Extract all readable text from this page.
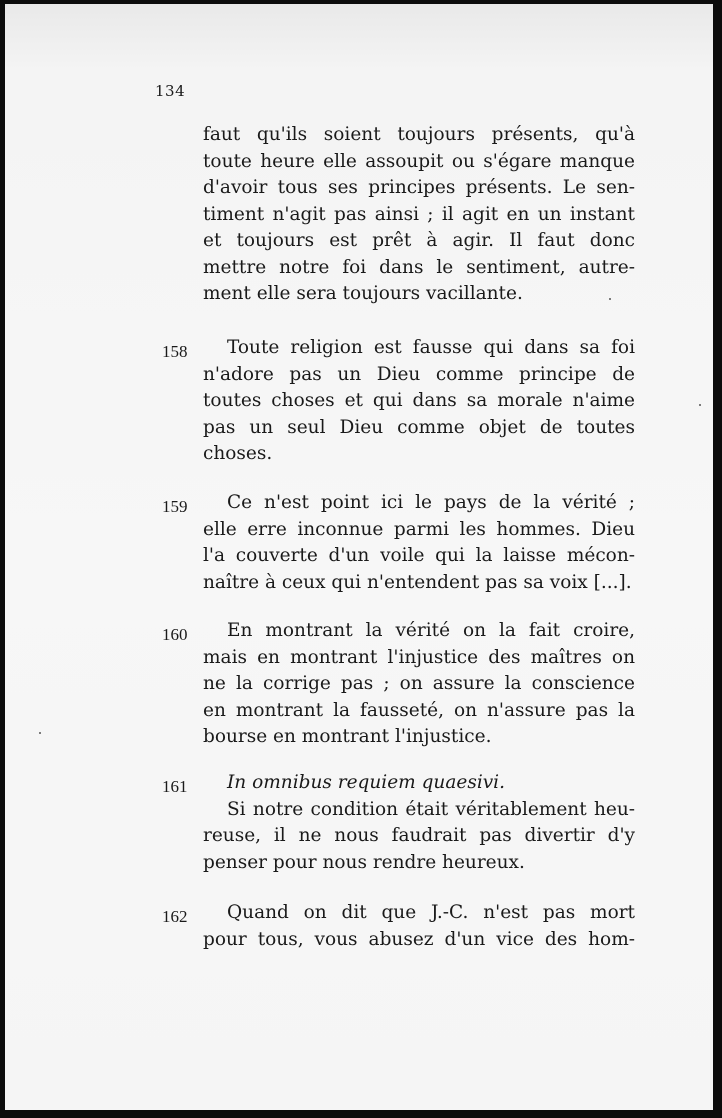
134
faut qu'ils soient toujours présents, qu'à
toute heure elle assoupit ou s'égare manque
d'avoir tous ses principes présents. Le sen-
timent n'agit pas ainsi ; il agit en un instant
et toujours est prêt à agir. Il faut donc
mettre notre foi dans le sentiment, autre-
ment elle sera toujours vacillante.
158	Toute religion est fausse qui dans sa foi
n'adore pas un Dieu comme principe de
toutes choses et qui dans sa morale n'aime
pas un seul Dieu comme objet de toutes
choses.
159	Ce n'est point ici le pays de la vérité ;
elle erre inconnue parmi les hommes. Dieu
l'a couverte d'un voile qui la laisse mécon-
naître à ceux qui n'entendent pas sa voix [...].
160	En montrant la vérité on la fait croire,
mais en montrant l'injustice des maîtres on
ne la corrige pas ; on assure la conscience
en montrant la fausseté, on n'assure pas la
bourse en montrant l'injustice.
161	In omnibus requiem quaesivi.
Si notre condition était véritablement heu-
reuse, il ne nous faudrait pas divertir d'y
penser pour nous rendre heureux.
162	Quand on dit que J.-C. n'est pas mort
pour tous, vous abusez d'un vice des hom-
